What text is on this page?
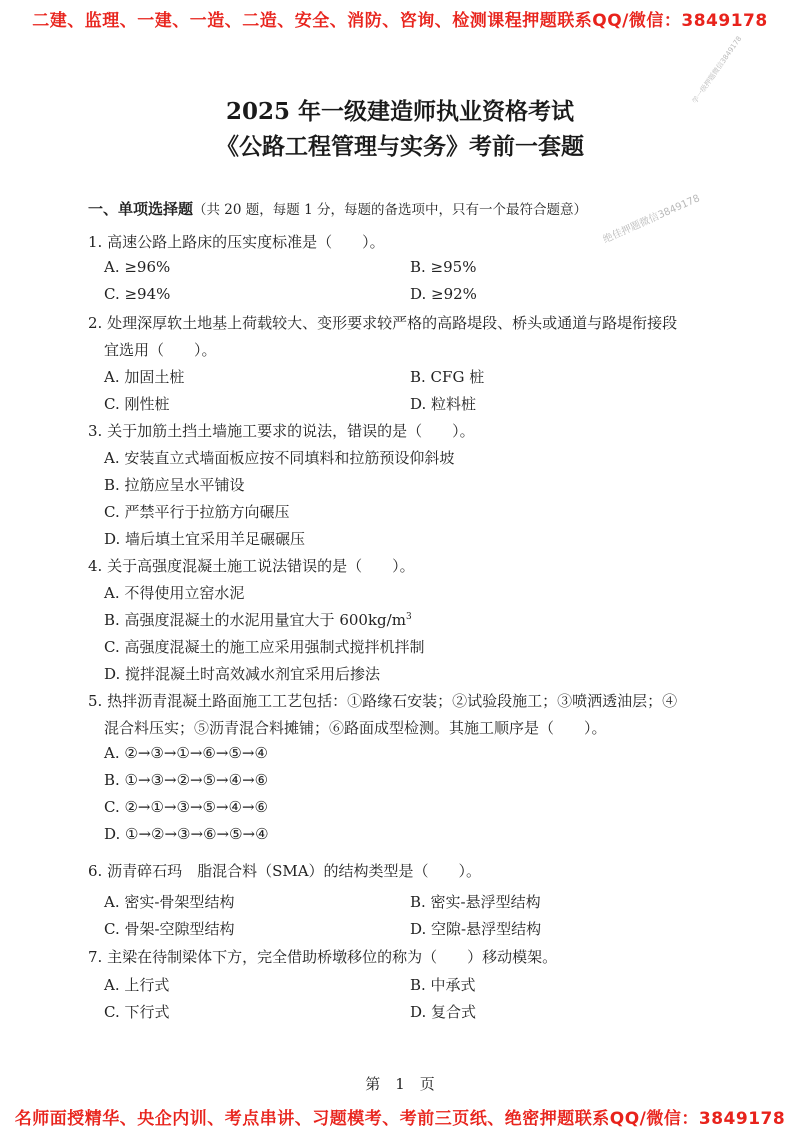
二建、监理、一建、一造、二造、安全、消防、咨询、检测课程押题联系QQ/微信：3849178
学一级押题微信3849178
绝佳押题微信3849178
2025 年一级建造师执业资格考试
《公路工程管理与实务》考前一套题
一、单项选择题（共 20 题，每题 1 分，每题的备选项中，只有一个最符合题意）
1. 高速公路上路床的压实度标准是（　　）。
A. ≥96%	B. ≥95%
C. ≥94%	D. ≥92%
2. 处理深厚软土地基上荷载较大、变形要求较严格的高路堤段、桥头或通道与路堤衔接段
宜选用（　　）。
A. 加固土桩	B. CFG 桩
C. 刚性桩	D. 粒料桩
3. 关于加筋土挡土墙施工要求的说法，错误的是（　　）。
A. 安装直立式墙面板应按不同填料和拉筋预设仰斜坡
B. 拉筋应呈水平铺设
C. 严禁平行于拉筋方向碾压
D. 墙后填土宜采用羊足碾碾压
4. 关于高强度混凝土施工说法错误的是（　　）。
A. 不得使用立窑水泥
B. 高强度混凝土的水泥用量宜大于 $600kg/m^3$
C. 高强度混凝土的施工应采用强制式搅拌机拌制
D. 搅拌混凝土时高效减水剂宜采用后掺法
5. 热拌沥青混凝土路面施工工艺包括：①路缘石安装；②试验段施工；③喷洒透油层；④
混合料压实；⑤沥青混合料摊铺；⑥路面成型检测。其施工顺序是（　　）。
A. ②→③→①→⑥→⑤→④
B. ①→③→②→⑤→④→⑥
C. ②→①→③→⑤→④→⑥
D. ①→②→③→⑥→⑤→④
6. 沥青碎石玛　脂混合料（SMA）的结构类型是（　　）。
A. 密实-骨架型结构	B. 密实-悬浮型结构
C. 骨架-空隙型结构	D. 空隙-悬浮型结构
7. 主梁在待制梁体下方，完全借助桥墩移位的称为（　　）移动模架。
A. 上行式	B. 中承式
C. 下行式	D. 复合式
第　1　页
名师面授精华、央企内训、考点串讲、习题模考、考前三页纸、绝密押题联系QQ/微信：3849178
